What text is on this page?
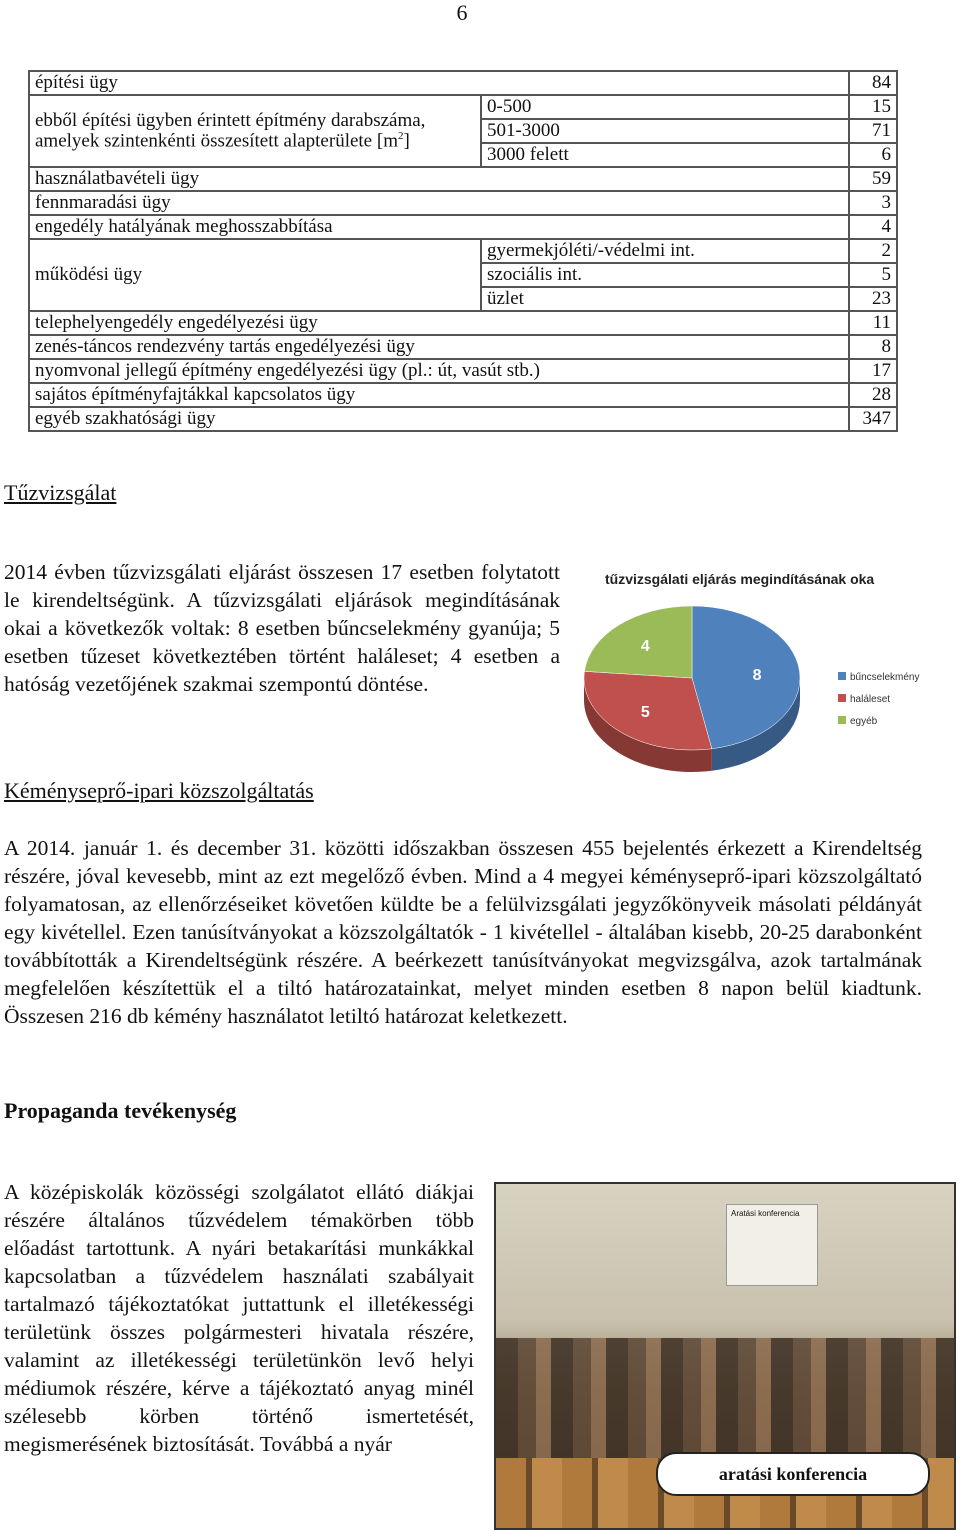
6
építési ügy		84
ebből építési ügyben érintett építmény darabszáma,
amelyek szintenkénti összesített alapterülete $[m^2]$	0-500	15
	501-3000	71
	3000 felett	6
használatbavételi ügy		59
fennmaradási ügy		3
engedély hatályának meghosszabbítása		4
működési ügy	gyermekjóléti/-védelmi int.	2
	szociális int.	5
	üzlet	23
telephelyengedély engedélyezési ügy		11
zenés-táncos rendezvény tartás engedélyezési ügy		8
nyomvonal jellegű építmény engedélyezési ügy (pl.: út, vasút stb.)		17
sajátos építményfajtákkal kapcsolatos ügy		28
egyéb szakhatósági ügy		347
Tűzvizsgálat

2014 évben tűzvizsgálati eljárást összesen 17 esetben folytatott le kirendeltségünk. A tűzvizsgálati eljárások megindításának okai a következők voltak: 8 esetben bűncselekmény gyanúja; 5 esetben tűzeset következtében történt haláleset; 4 esetben a hatóság vezetőjének szakmai szempontú döntése.

tűzvizsgálati eljárás megindításának oka
8
5
4
bűncselekmény
haláleset
egyéb
Kéményseprő-ipari közszolgáltatás

A 2014. január 1. és december 31. közötti időszakban összesen 455 bejelentés érkezett a Kirendeltség részére, jóval kevesebb, mint az ezt megelőző évben. Mind a 4 megyei kéményseprő-ipari közszolgáltató folyamatosan, az ellenőrzéseiket követően küldte be a felülvizsgálati jegyzőkönyveik másolati példányát egy kivétellel. Ezen tanúsítványokat a közszolgáltatók - 1 kivétellel - általában kisebb, 20-25 darabonként továbbították a Kirendeltségünk részére. A beérkezett tanúsítványokat megvizsgálva, azok tartalmának megfelelően készítettük el a tiltó határozatainkat, melyet minden esetben 8 napon belül kiadtunk. Összesen 216 db kémény használatot letiltó határozat keletkezett.

Propaganda tevékenység

A középiskolák közösségi szolgálatot ellátó diákjai részére általános tűzvédelem témakörben több előadást tartottunk. A nyári betakarítási munkákkal kapcsolatban a tűzvédelem használati szabályait tartalmazó tájékoztatókat juttattunk el illetékességi területünk összes polgármesteri hivatala részére, valamint az illetékességi területünkön levő helyi médiumok részére, kérve a tájékoztató anyag minél szélesebb körben történő ismertetését, megismerésének biztosítását. Továbbá a nyár

Aratási konferencia
aratási konferencia
